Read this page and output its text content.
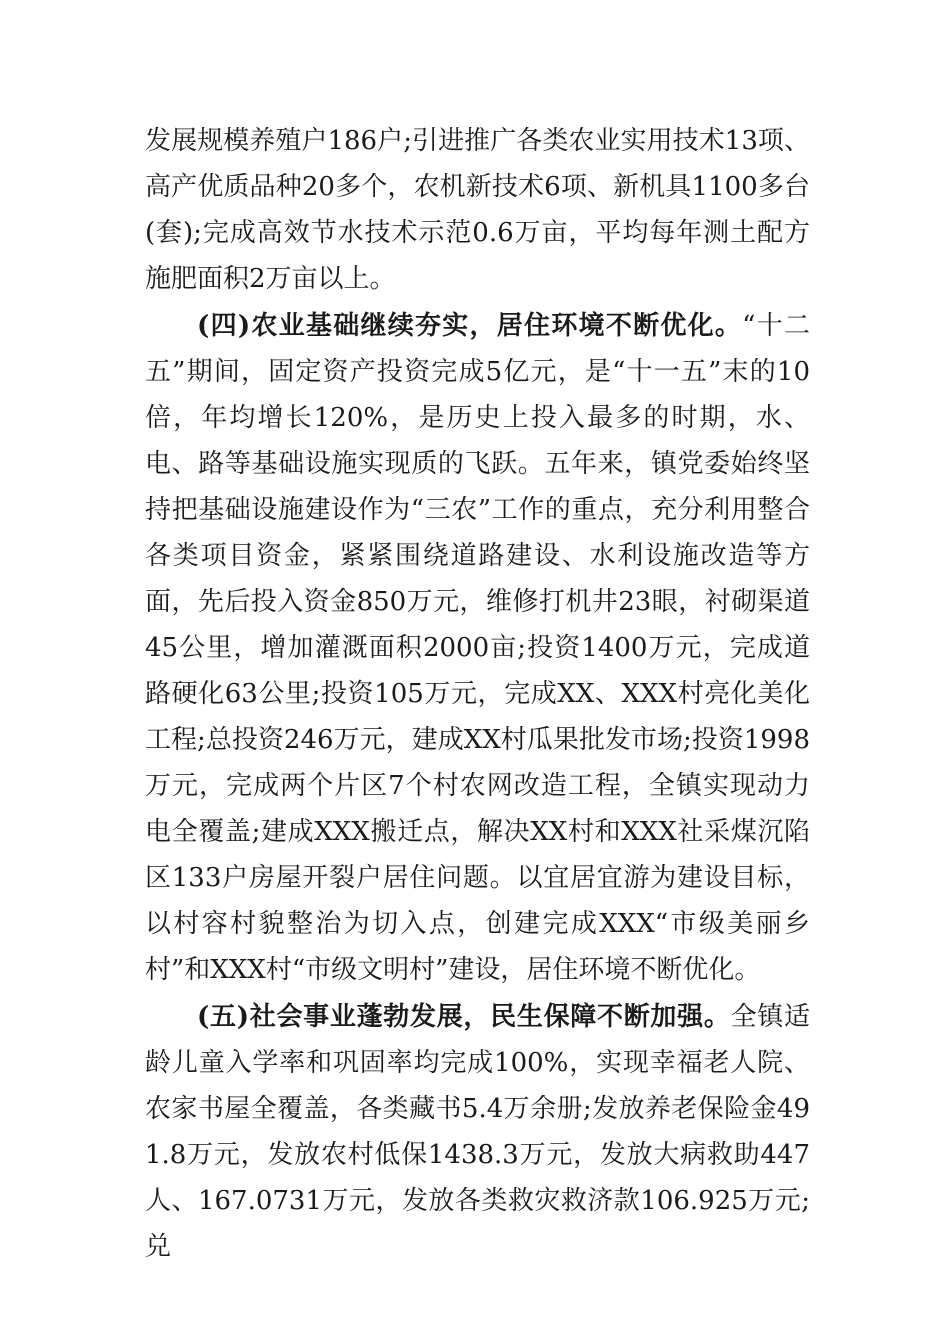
发展规模养殖户186户;引进推广各类农业实用技术13项、高产优质品种20多个，农机新技术6项、新机具1100多台(套);完成高效节水技术示范0.6万亩，平均每年测土配方施肥面积2万亩以上。

(四)农业基础继续夯实，居住环境不断优化。“十二五”期间，固定资产投资完成5亿元，是“十一五”末的10倍，年均增长120%，是历史上投入最多的时期，水、电、路等基础设施实现质的飞跃。五年来，镇党委始终坚持把基础设施建设作为“三农”工作的重点，充分利用整合各类项目资金，紧紧围绕道路建设、水利设施改造等方面，先后投入资金850万元，维修打机井23眼，衬砌渠道45公里，增加灌溉面积2000亩;投资1400万元，完成道路硬化63公里;投资105万元，完成XX、XXX村亮化美化工程;总投资246万元，建成XX村瓜果批发市场;投资1998万元，完成两个片区7个村农网改造工程，全镇实现动力电全覆盖;建成XXX搬迁点，解决XX村和XXX社采煤沉陷区133户房屋开裂户居住问题。以宜居宜游为建设目标，以村容村貌整治为切入点，创建完成XXX“市级美丽乡村”和XXX村“市级文明村”建设，居住环境不断优化。

(五)社会事业蓬勃发展，民生保障不断加强。全镇适龄儿童入学率和巩固率均完成100%，实现幸福老人院、农家书屋全覆盖，各类藏书5.4万余册;发放养老保险金491.8万元，发放农村低保1438.3万元，发放大病救助447人、167.0731万元，发放各类救灾救济款106.925万元;兑
